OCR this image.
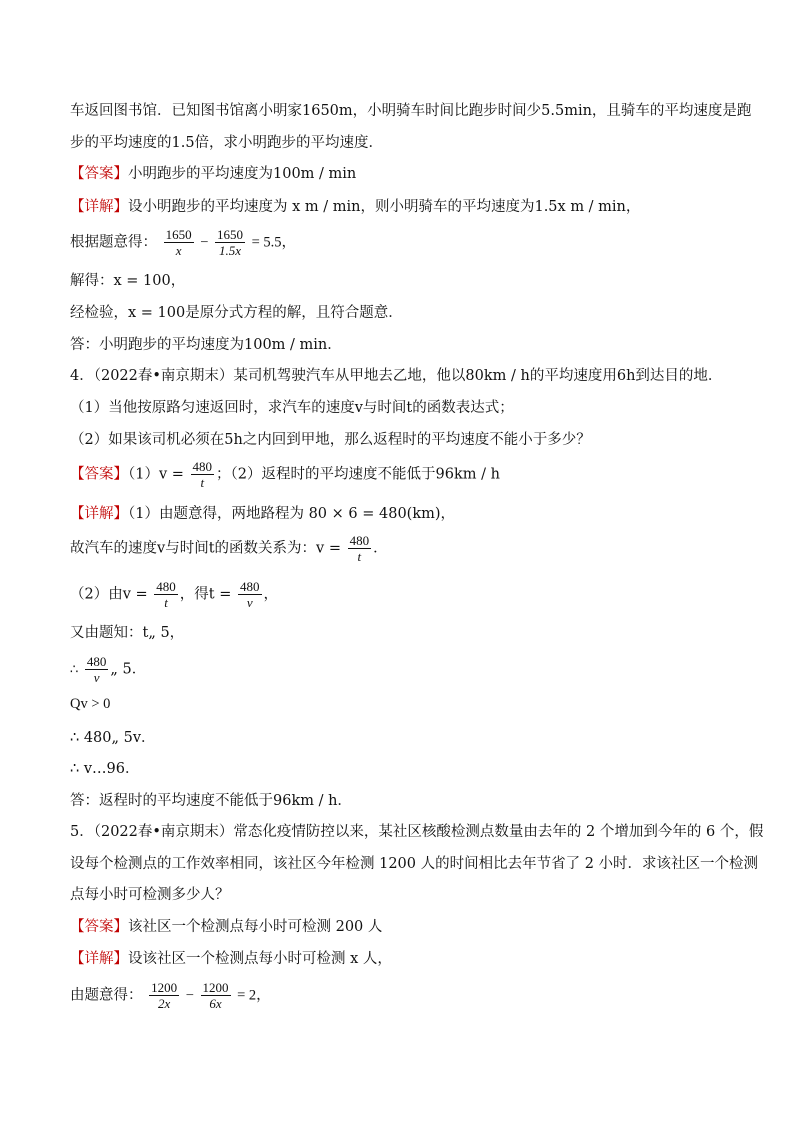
车返回图书馆．已知图书馆离小明家1650m，小明骑车时间比跑步时间少5.5min，且骑车的平均速度是跑
步的平均速度的1.5倍，求小明跑步的平均速度．
【答案】小明跑步的平均速度为100m / min
【详解】设小明跑步的平均速度为 x m / min，则小明骑车的平均速度为1.5x m / min，
根据题意得： $\frac{1650}{x} - \frac{1650}{1.5x} = 5.5$，
解得：x = 100，
经检验，x = 100是原分式方程的解，且符合题意．
答：小明跑步的平均速度为100m / min．
4．（2022春•南京期末）某司机驾驶汽车从甲地去乙地，他以80km / h的平均速度用6h到达目的地．
（1）当他按原路匀速返回时，求汽车的速度v与时间t的函数表达式；
（2）如果该司机必须在5h之内回到甲地，那么返程时的平均速度不能小于多少？
【答案】$(1)v = \frac{480}{t}$ ；（2）返程时的平均速度不能低于96km / h
【详解】（1）由题意得，两地路程为 80 × 6 = 480(km)，
故汽车的速度v与时间t的函数关系为：$v = \frac{480}{t}$ ．
（2）由$v = \frac{480}{t}$ ，得$t = \frac{480}{v}$ ，
又由题知：t„ 5，
∴ $\frac{480}{v}$ „ 5．
Qv > 0
∴ 480„ 5v．
∴ v…96．
答：返程时的平均速度不能低于96km / h．
5．（2022春•南京期末）常态化疫情防控以来，某社区核酸检测点数量由去年的 2 个增加到今年的 6 个，假
设每个检测点的工作效率相同，该社区今年检测 1200 人的时间相比去年节省了 2 小时．求该社区一个检测
点每小时可检测多少人？
【答案】该社区一个检测点每小时可检测 200 人
【详解】设该社区一个检测点每小时可检测 x 人，
由题意得： $\frac{1200}{2x} - \frac{1200}{6x} = 2$，
